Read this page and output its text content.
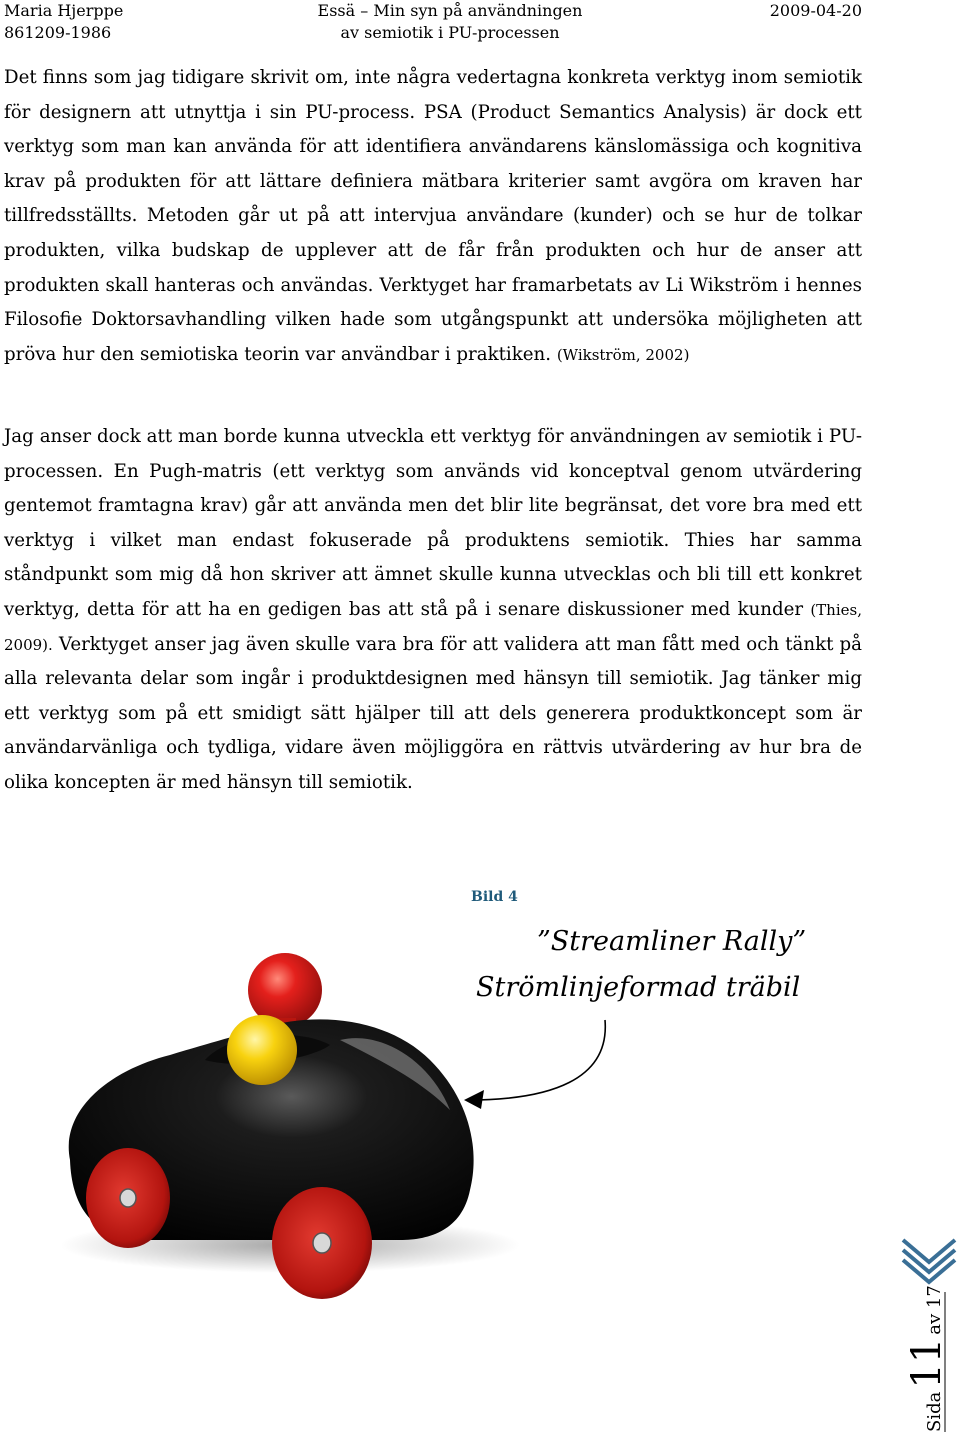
Maria Hjerppe
861209-1986
Essä – Min syn på användningen
av semiotik i PU-processen
2009-04-20

Det finns som jag tidigare skrivit om, inte några vedertagna konkreta verktyg inom semiotik för designern att utnyttja i sin PU-process. PSA (Product Semantics Analysis) är dock ett verktyg som man kan använda för att identifiera användarens känslomässiga och kognitiva krav på produkten för att lättare definiera mätbara kriterier samt avgöra om kraven har tillfredsställts. Metoden går ut på att intervjua användare (kunder) och se hur de tolkar produkten, vilka budskap de upplever att de får från produkten och hur de anser att produkten skall hanteras och användas. Verktyget har framarbetats av Li Wikström i hennes Filosofie Doktorsavhandling vilken hade som utgångspunkt att undersöka möjligheten att pröva hur den semiotiska teorin var användbar i praktiken. (Wikström, 2002)

Jag anser dock att man borde kunna utveckla ett verktyg för användningen av semiotik i PU-processen. En Pugh-matris (ett verktyg som används vid konceptval genom utvärdering gentemot framtagna krav) går att använda men det blir lite begränsat, det vore bra med ett verktyg i vilket man endast fokuserade på produktens semiotik. Thies har samma ståndpunkt som mig då hon skriver att ämnet skulle kunna utvecklas och bli till ett konkret verktyg, detta för att ha en gedigen bas att stå på i senare diskussioner med kunder (Thies, 2009). Verktyget anser jag även skulle vara bra för att validera att man fått med och tänkt på alla relevanta delar som ingår i produktdesignen med hänsyn till semiotik. Jag tänker mig ett verktyg som på ett smidigt sätt hjälper till att dels generera produktkoncept som är användarvänliga och tydliga, vidare även möjliggöra en rättvis utvärdering av hur bra de olika koncepten är med hänsyn till semiotik.

Bild 4
”Streamliner Rally”
Strömlinjeformad träbil
Sida11av 17
